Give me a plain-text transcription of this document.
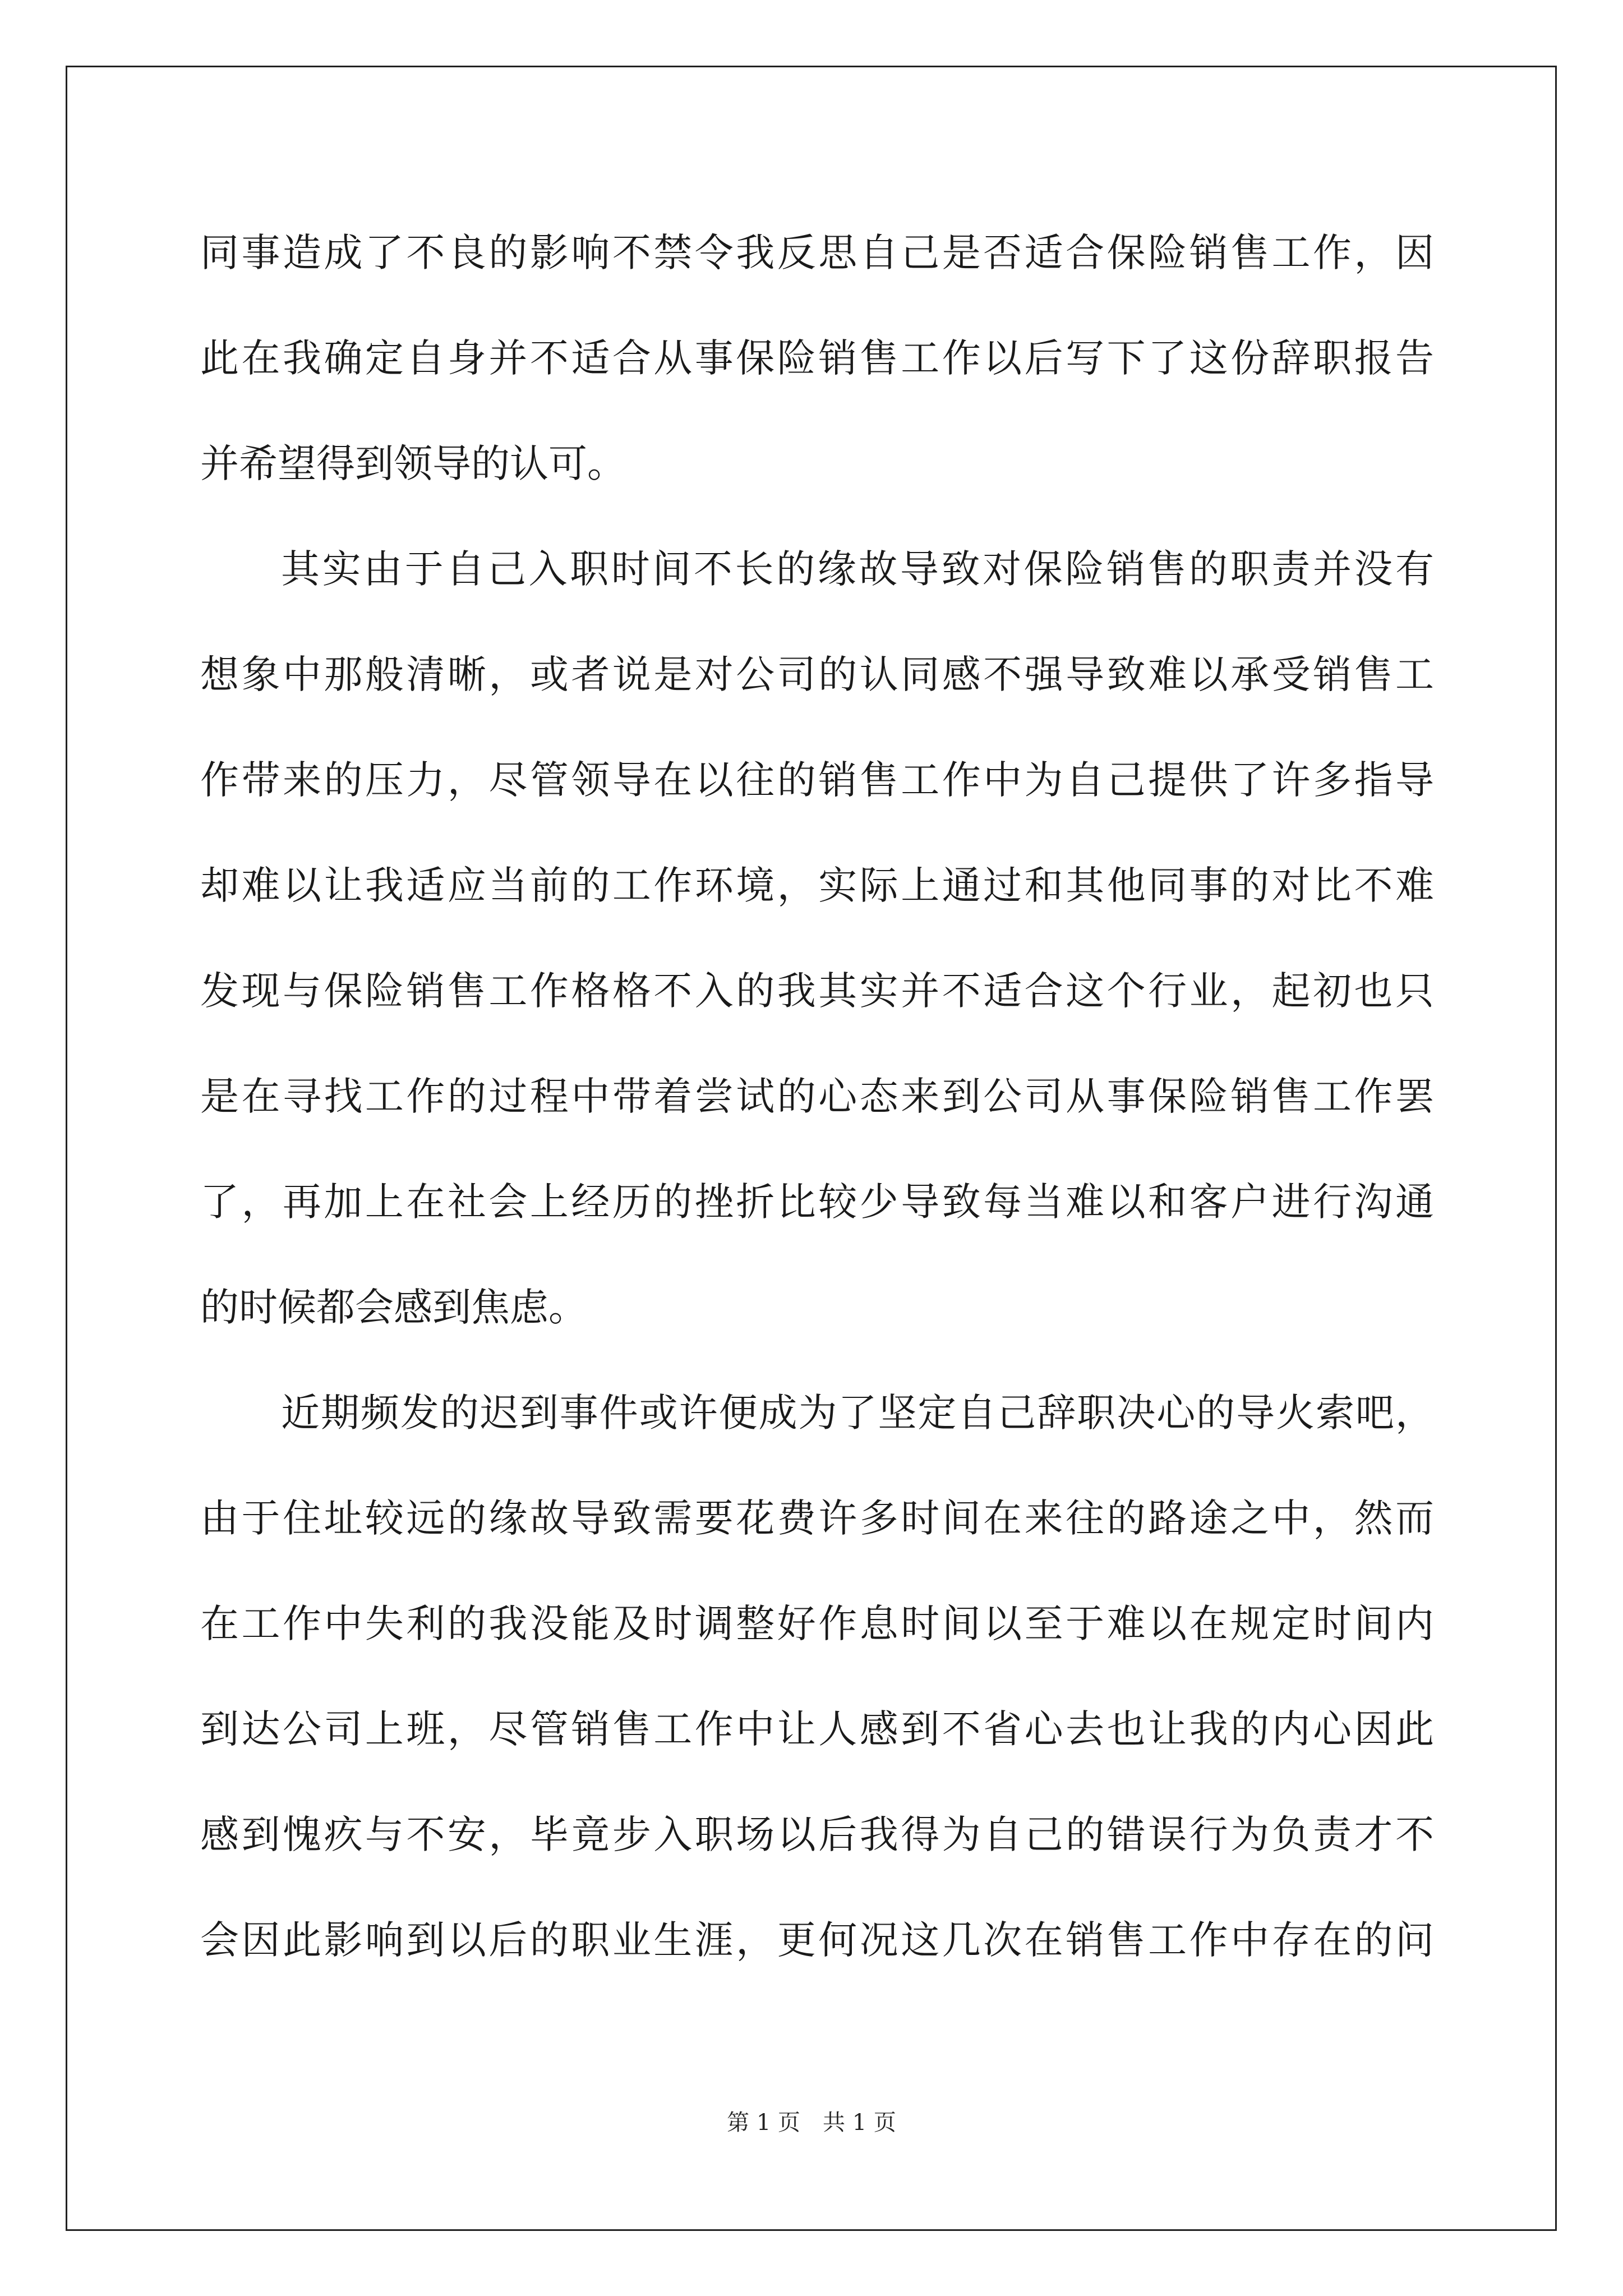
同事造成了不良的影响不禁令我反思自己是否适合保险销售工作，因
此在我确定自身并不适合从事保险销售工作以后写下了这份辞职报告
并希望得到领导的认可。
其实由于自己入职时间不长的缘故导致对保险销售的职责并没有
想象中那般清晰，或者说是对公司的认同感不强导致难以承受销售工
作带来的压力，尽管领导在以往的销售工作中为自己提供了许多指导
却难以让我适应当前的工作环境，实际上通过和其他同事的对比不难
发现与保险销售工作格格不入的我其实并不适合这个行业，起初也只
是在寻找工作的过程中带着尝试的心态来到公司从事保险销售工作罢
了，再加上在社会上经历的挫折比较少导致每当难以和客户进行沟通
的时候都会感到焦虑。
近期频发的迟到事件或许便成为了坚定自己辞职决心的导火索吧，
由于住址较远的缘故导致需要花费许多时间在来往的路途之中，然而
在工作中失利的我没能及时调整好作息时间以至于难以在规定时间内
到达公司上班，尽管销售工作中让人感到不省心去也让我的内心因此
感到愧疚与不安，毕竟步入职场以后我得为自己的错误行为负责才不
会因此影响到以后的职业生涯，更何况这几次在销售工作中存在的问
第 1 页　共 1 页
